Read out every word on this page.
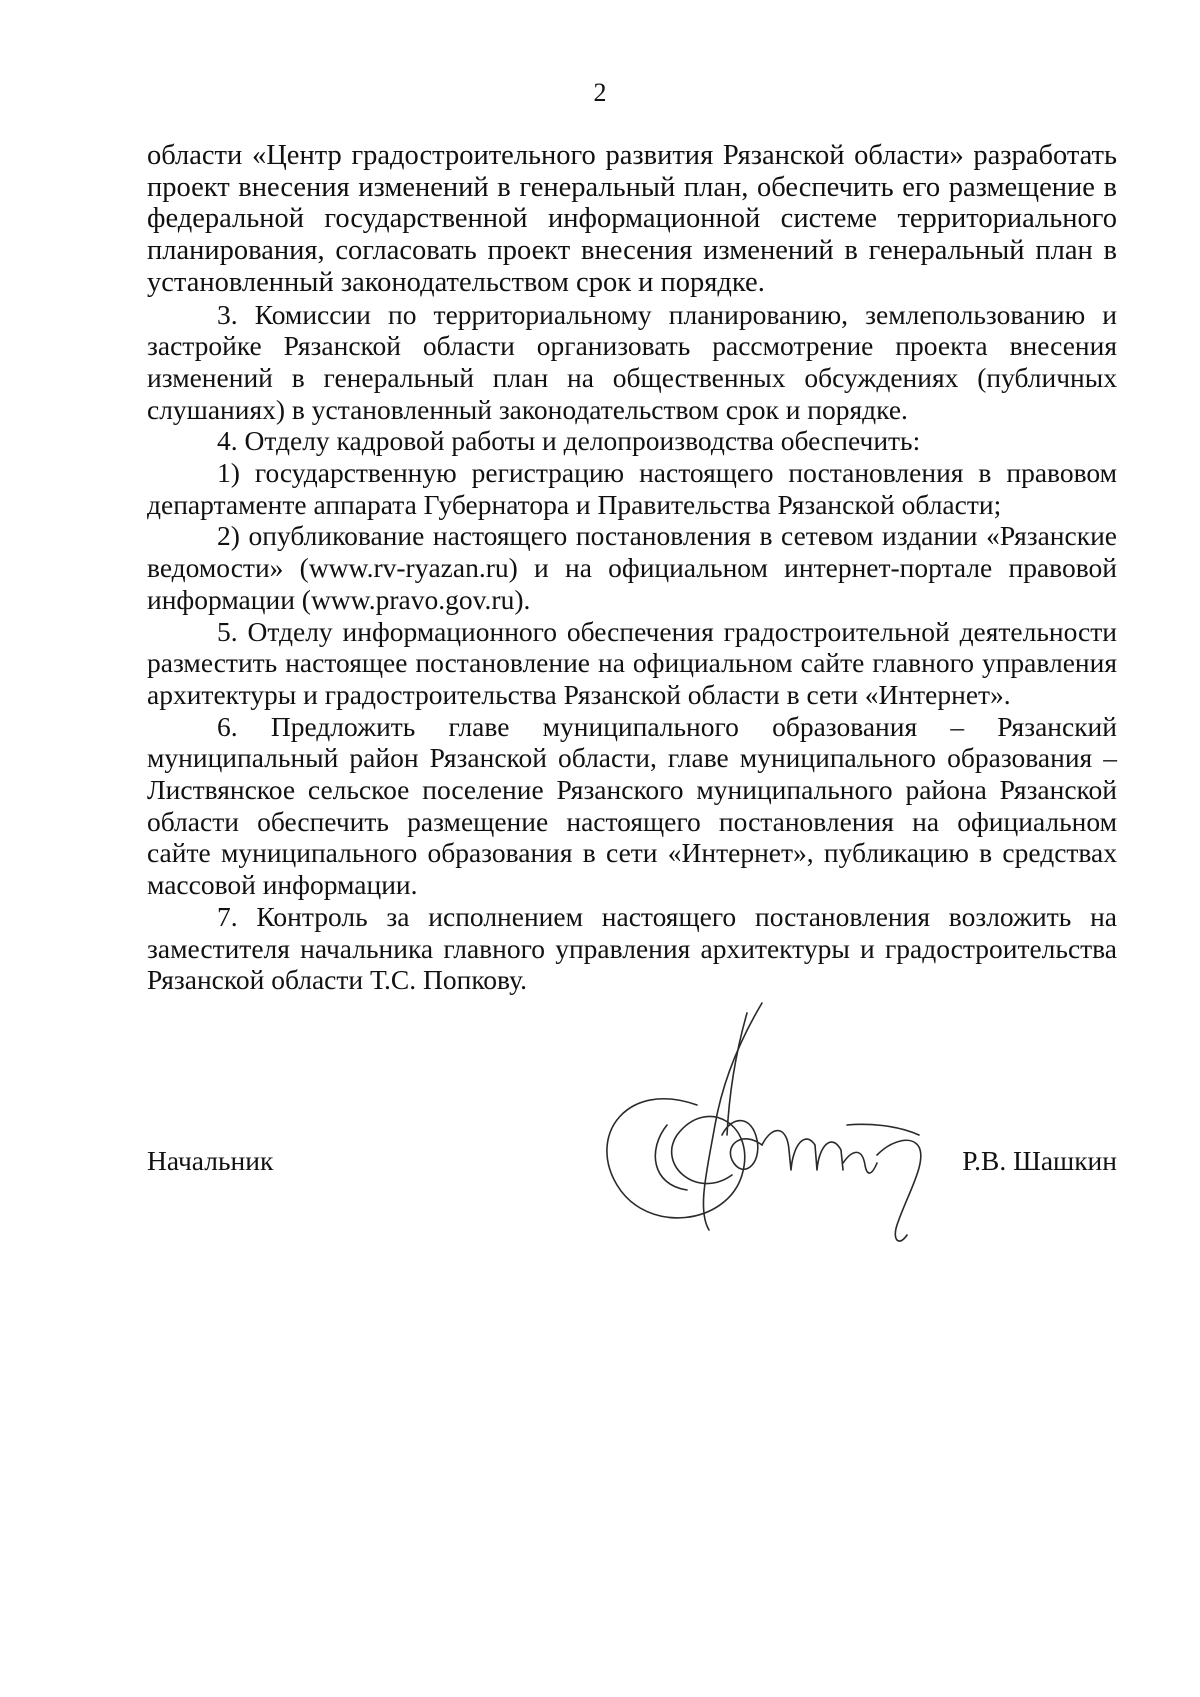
2

области «Центр градостроительного развития Рязанской области» разработать проект внесения изменений в генеральный план, обеспечить его размещение в федеральной государственной информационной системе территориального планирования, согласовать проект внесения изменений в генеральный план в установленный законодательством срок и порядке.

3. Комиссии по территориальному планированию, землепользованию и застройке Рязанской области организовать рассмотрение проекта внесения изменений в генеральный план на общественных обсуждениях (публичных слушаниях) в установленный законодательством срок и порядке.

4. Отделу кадровой работы и делопроизводства обеспечить:

1) государственную регистрацию настоящего постановления в правовом департаменте аппарата Губернатора и Правительства Рязанской области;

2) опубликование настоящего постановления в сетевом издании «Рязанские ведомости» (www.rv-ryazan.ru) и на официальном интернет-портале правовой информации (www.pravo.gov.ru).

5. Отделу информационного обеспечения градостроительной деятельности разместить настоящее постановление на официальном сайте главного управления архитектуры и градостроительства Рязанской области в сети «Интернет».

6. Предложить главе муниципального образования – Рязанский муниципальный район Рязанской области, главе муниципального образования – Листвянское сельское поселение Рязанского муниципального района Рязанской области обеспечить размещение настоящего постановления на официальном сайте муниципального образования в сети «Интернет», публикацию в средствах массовой информации.

7. Контроль за исполнением настоящего постановления возложить на заместителя начальника главного управления архитектуры и градостроительства Рязанской области Т.С. Попкову.

Начальник	Р.В. Шашкин
